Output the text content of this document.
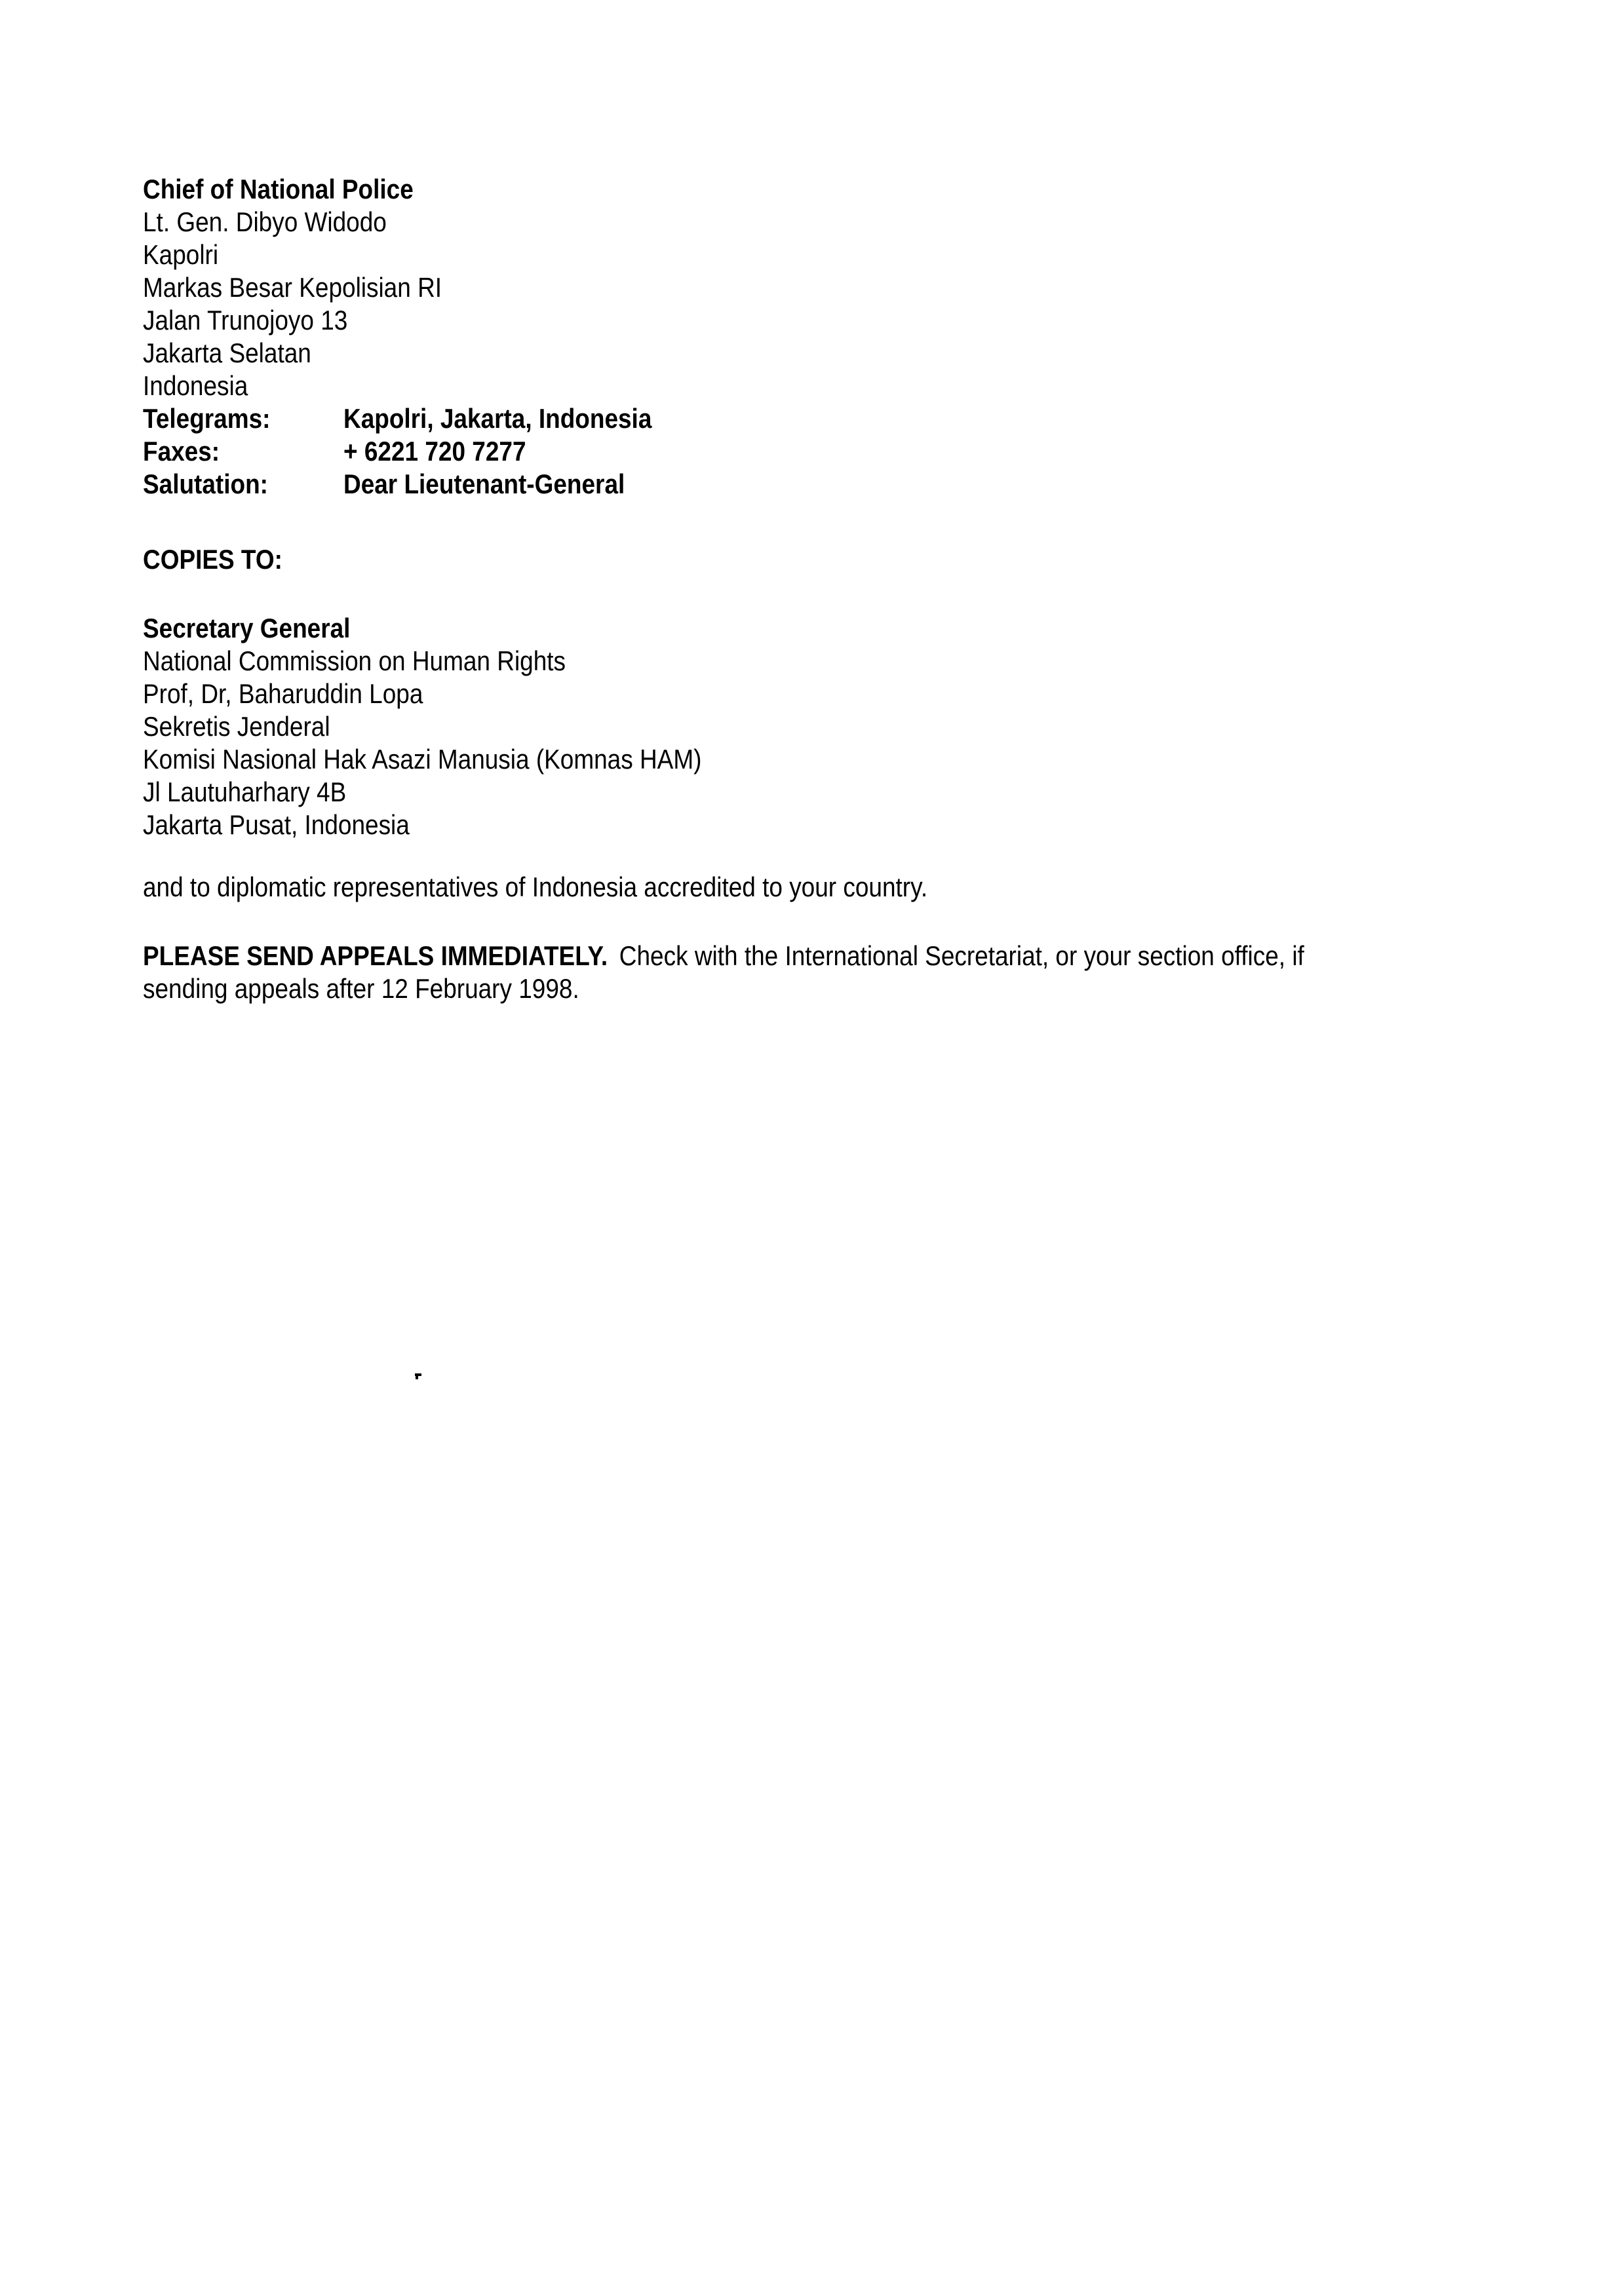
Chief of National Police
Lt. Gen. Dibyo Widodo
Kapolri
Markas Besar Kepolisian RI
Jalan Trunojoyo 13
Jakarta Selatan
Indonesia
Telegrams:	Kapolri, Jakarta, Indonesia
Faxes:	+ 6221 720 7277
Salutation:	Dear Lieutenant-General
COPIES TO:
Secretary General
National Commission on Human Rights
Prof, Dr, Baharuddin Lopa
Sekretis Jenderal
Komisi Nasional Hak Asazi Manusia (Komnas HAM)
Jl Lautuharhary 4B
Jakarta Pusat, Indonesia
and to diplomatic representatives of Indonesia accredited to your country.
PLEASE SEND APPEALS IMMEDIATELY. Check with the International Secretariat, or your section office, if
sending appeals after 12 February 1998.
